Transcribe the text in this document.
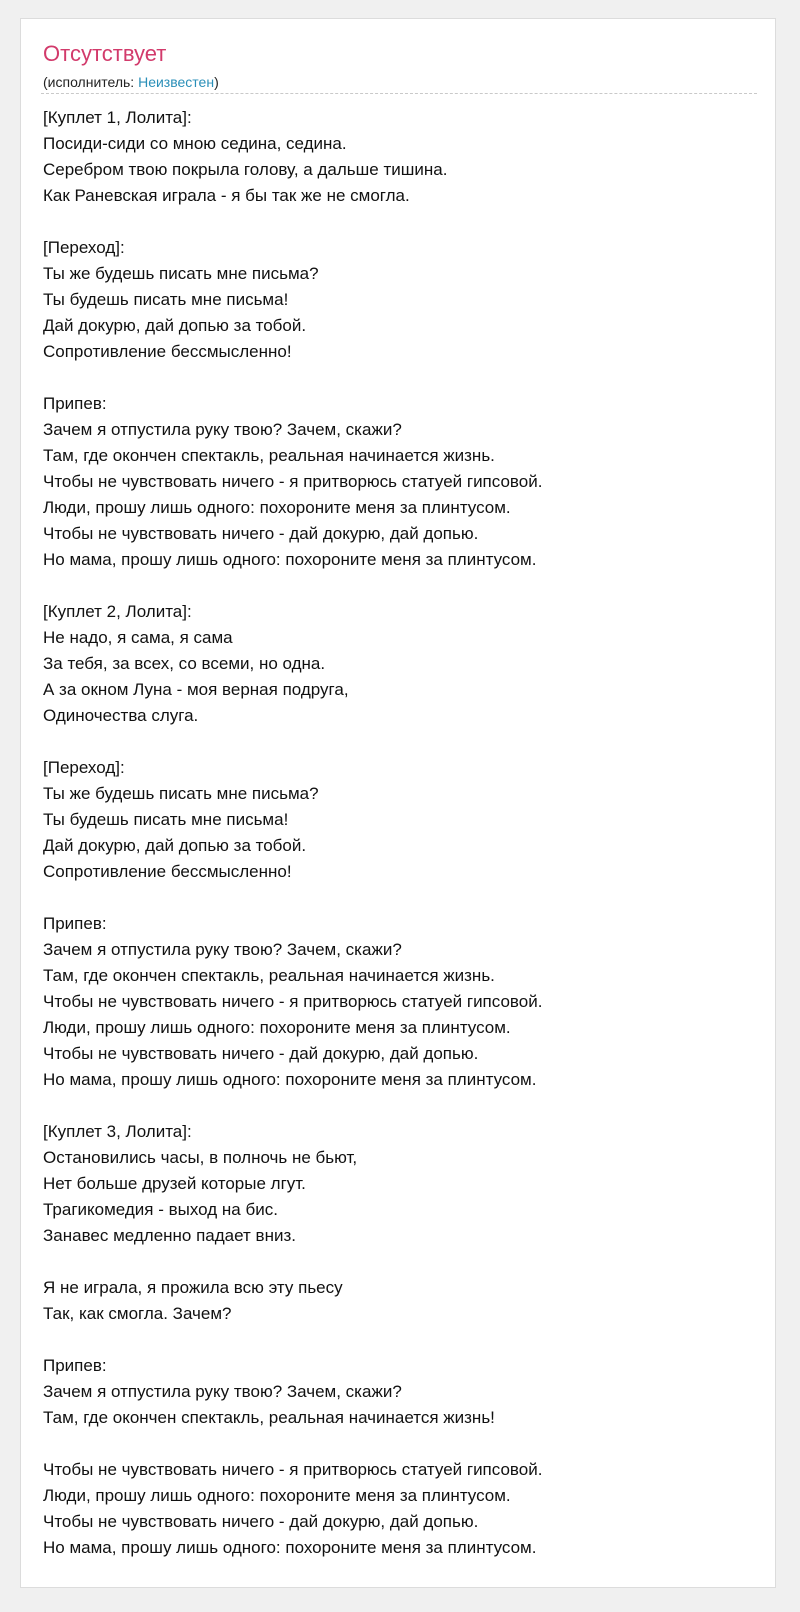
Отсутствует
(исполнитель: Неизвестен)
[Куплет 1, Лолита]:
Посиди-сиди со мною седина, седина.
Серебром твою покрыла голову, а дальше тишина.
Как Раневская играла - я бы так же не смогла.
[Переход]:
Ты же будешь писать мне письма?
Ты будешь писать мне письма!
Дай докурю, дай допью за тобой.
Сопротивление бессмысленно!
Припев:
Зачем я отпустила руку твою? Зачем, скажи?
Там, где окончен спектакль, реальная начинается жизнь.
Чтобы не чувствовать ничего - я притворюсь статуей гипсовой.
Люди, прошу лишь одного: похороните меня за плинтусом.
Чтобы не чувствовать ничего - дай докурю, дай допью.
Но мама, прошу лишь одного: похороните меня за плинтусом.
[Куплет 2, Лолита]:
Не надо, я сама, я сама
За тебя, за всех, со всеми, но одна.
А за окном Луна - моя верная подруга,
Одиночества слуга.
[Переход]:
Ты же будешь писать мне письма?
Ты будешь писать мне письма!
Дай докурю, дай допью за тобой.
Сопротивление бессмысленно!
Припев:
Зачем я отпустила руку твою? Зачем, скажи?
Там, где окончен спектакль, реальная начинается жизнь.
Чтобы не чувствовать ничего - я притворюсь статуей гипсовой.
Люди, прошу лишь одного: похороните меня за плинтусом.
Чтобы не чувствовать ничего - дай докурю, дай допью.
Но мама, прошу лишь одного: похороните меня за плинтусом.
[Куплет 3, Лолита]:
Остановились часы, в полночь не бьют,
Нет больше друзей которые лгут.
Трагикомедия - выход на бис.
Занавес медленно падает вниз.
Я не играла, я прожила всю эту пьесу
Так, как смогла. Зачем?
Припев:
Зачем я отпустила руку твою? Зачем, скажи?
Там, где окончен спектакль, реальная начинается жизнь!
Чтобы не чувствовать ничего - я притворюсь статуей гипсовой.
Люди, прошу лишь одного: похороните меня за плинтусом.
Чтобы не чувствовать ничего - дай докурю, дай допью.
Но мама, прошу лишь одного: похороните меня за плинтусом.
